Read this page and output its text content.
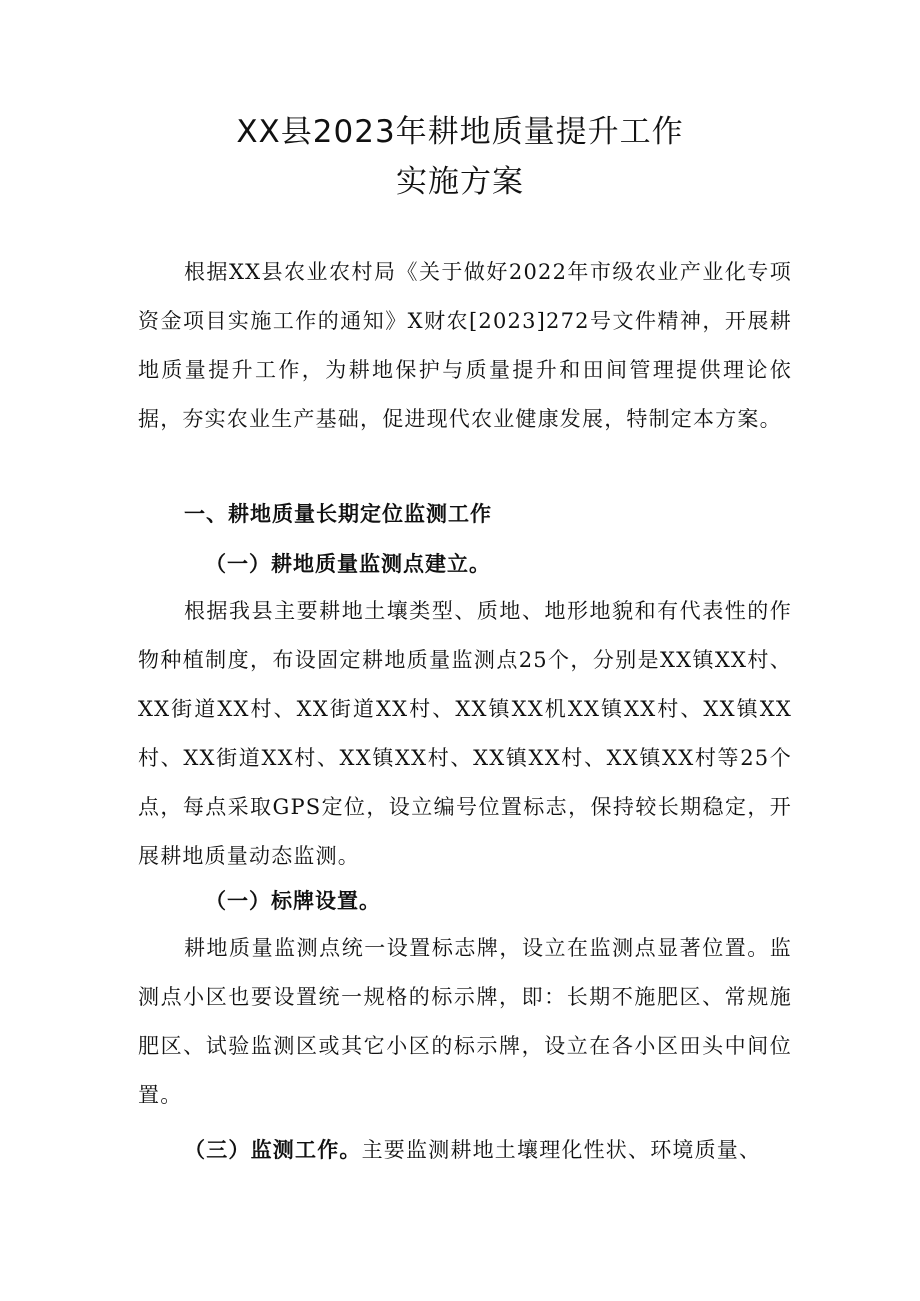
XX县2023年耕地质量提升工作
实施方案

根据XX县农业农村局《关于做好2022年市级农业产业化专项资金项目实施工作的通知》X财农[2023]272号文件精神，开展耕地质量提升工作，为耕地保护与质量提升和田间管理提供理论依据，夯实农业生产基础，促进现代农业健康发展，特制定本方案。

一、耕地质量长期定位监测工作
（一）耕地质量监测点建立。

根据我县主要耕地土壤类型、质地、地形地貌和有代表性的作物种植制度，布设固定耕地质量监测点25个，分别是XX镇XX村、XX街道XX村、XX街道XX村、XX镇XX机XX镇XX村、XX镇XX村、XX街道XX村、XX镇XX村、XX镇XX村、XX镇XX村等25个点，每点采取GPS定位，设立编号位置标志，保持较长期稳定，开展耕地质量动态监测。

（一）标牌设置。

耕地质量监测点统一设置标志牌，设立在监测点显著位置。监测点小区也要设置统一规格的标示牌，即：长期不施肥区、常规施肥区、试验监测区或其它小区的标示牌，设立在各小区田头中间位置。

（三）监测工作。主要监测耕地土壤理化性状、环境质量、
